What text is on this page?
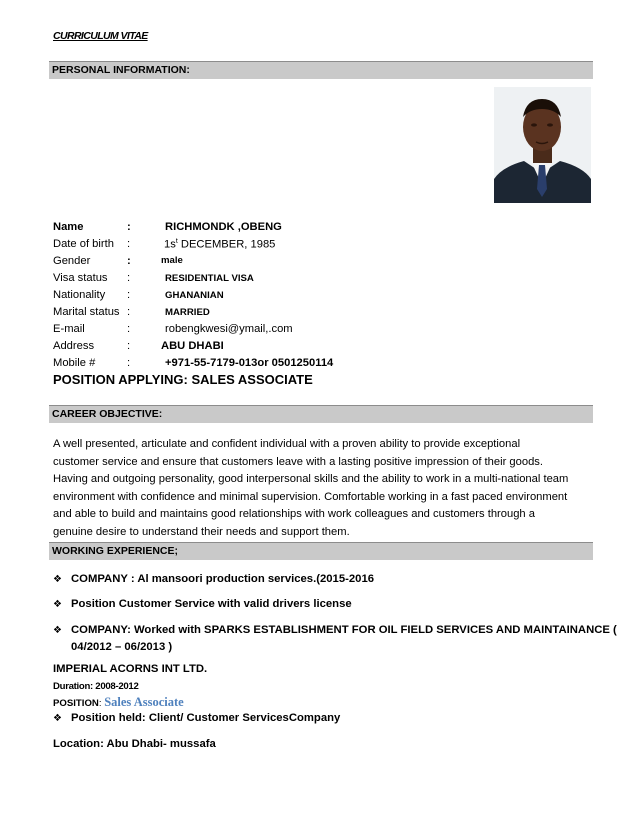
CURRICULUM VITAE
PERSONAL INFORMATION:
Name	:	RICHMONDK ,OBENG
Date of birth :	$1s^t$ DECEMBER, 1985
Gender	:	male
Visa status :	RESIDENTIAL VISA
Nationality :	GHANANIAN
Marital status :	MARRIED
E-mail	:	robengkwesi@ymail,.com
Address	:	ABU DHABI
Mobile #	:	+971-55-7179-013or 0501250114
POSITION APPLYING: SALES ASSOCIATE
CAREER OBJECTIVE:
A well presented, articulate and confident individual with a proven ability to provide exceptional
customer service and ensure that customers leave with a lasting positive impression of their goods.
Having and outgoing personality, good interpersonal skills and the ability to work in a multi-national team
environment with confidence and minimal supervision. Comfortable working in a fast paced environment
and able to build and maintains good relationships with work colleagues and customers through a
genuine desire to understand their needs and support them.
WORKING EXPERIENCE;
❖ COMPANY : Al mansoori production services.(2015-2016
❖ Position Customer Service with valid drivers license
❖ COMPANY: Worked with SPARKS ESTABLISHMENT FOR OIL FIELD SERVICES AND MAINTAINANCE (
04/2012 – 06/2013 )
IMPERIAL ACORNS INT LTD.
Duration: 2008-2012
POSITION: Sales Associate
❖ Position held: Client/ Customer ServicesCompany
Location: Abu Dhabi- mussafa
